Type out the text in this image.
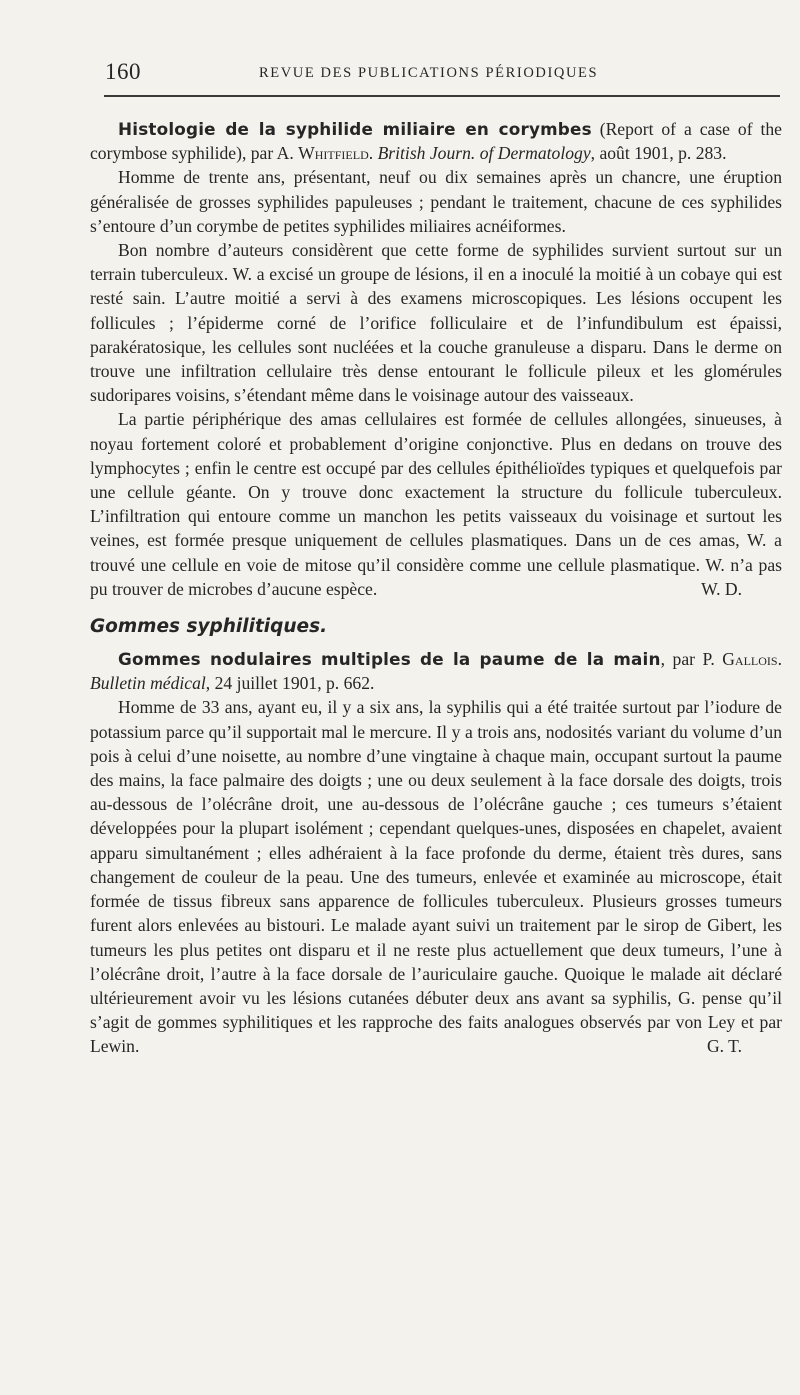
160	REVUE DES PUBLICATIONS PÉRIODIQUES

Histologie de la syphilide miliaire en corymbes (Report of a case of the corymbose syphilide), par A. Whitfield. British Journ. of Dermatology, août 1901, p. 283.

Homme de trente ans, présentant, neuf ou dix semaines après un chancre, une éruption généralisée de grosses syphilides papuleuses ; pendant le traitement, chacune de ces syphilides s’entoure d’un corymbe de petites syphilides miliaires acnéiformes.

Bon nombre d’auteurs considèrent que cette forme de syphilides survient surtout sur un terrain tuberculeux. W. a excisé un groupe de lésions, il en a inoculé la moitié à un cobaye qui est resté sain. L’autre moitié a servi à des examens microscopiques. Les lésions occupent les follicules ; l’épiderme corné de l’orifice folliculaire et de l’infundibulum est épaissi, parakératosique, les cellules sont nucléées et la couche granuleuse a disparu. Dans le derme on trouve une infiltration cellulaire très dense entourant le follicule pileux et les glomérules sudoripares voisins, s’étendant même dans le voisinage autour des vaisseaux.

La partie périphérique des amas cellulaires est formée de cellules allongées, sinueuses, à noyau fortement coloré et probablement d’origine conjonctive. Plus en dedans on trouve des lymphocytes ; enfin le centre est occupé par des cellules épithélioïdes typiques et quelquefois par une cellule géante. On y trouve donc exactement la structure du follicule tuberculeux. L’infiltration qui entoure comme un manchon les petits vaisseaux du voisinage et surtout les veines, est formée presque uniquement de cellules plasmatiques. Dans un de ces amas, W. a trouvé une cellule en voie de mitose qu’il considère comme une cellule plasmatique. W. n’a pas pu trouver de microbes d’aucune espèce.	W. D.

Gommes syphilitiques.

Gommes nodulaires multiples de la paume de la main, par P. Gallois. Bulletin médical, 24 juillet 1901, p. 662.

Homme de 33 ans, ayant eu, il y a six ans, la syphilis qui a été traitée surtout par l’iodure de potassium parce qu’il supportait mal le mercure. Il y a trois ans, nodosités variant du volume d’un pois à celui d’une noisette, au nombre d’une vingtaine à chaque main, occupant surtout la paume des mains, la face palmaire des doigts ; une ou deux seulement à la face dorsale des doigts, trois au-dessous de l’olécrâne droit, une au-dessous de l’olécrâne gauche ; ces tumeurs s’étaient développées pour la plupart isolément ; cependant quelques-unes, disposées en chapelet, avaient apparu simultanément ; elles adhéraient à la face profonde du derme, étaient très dures, sans changement de couleur de la peau. Une des tumeurs, enlevée et examinée au microscope, était formée de tissus fibreux sans apparence de follicules tuberculeux. Plusieurs grosses tumeurs furent alors enlevées au bistouri. Le malade ayant suivi un traitement par le sirop de Gibert, les tumeurs les plus petites ont disparu et il ne reste plus actuellement que deux tumeurs, l’une à l’olécrâne droit, l’autre à la face dorsale de l’auriculaire gauche. Quoique le malade ait déclaré ultérieurement avoir vu les lésions cutanées débuter deux ans avant sa syphilis, G. pense qu’il s’agit de gommes syphilitiques et les rapproche des faits analogues observés par von Ley et par Lewin.	G. T.
